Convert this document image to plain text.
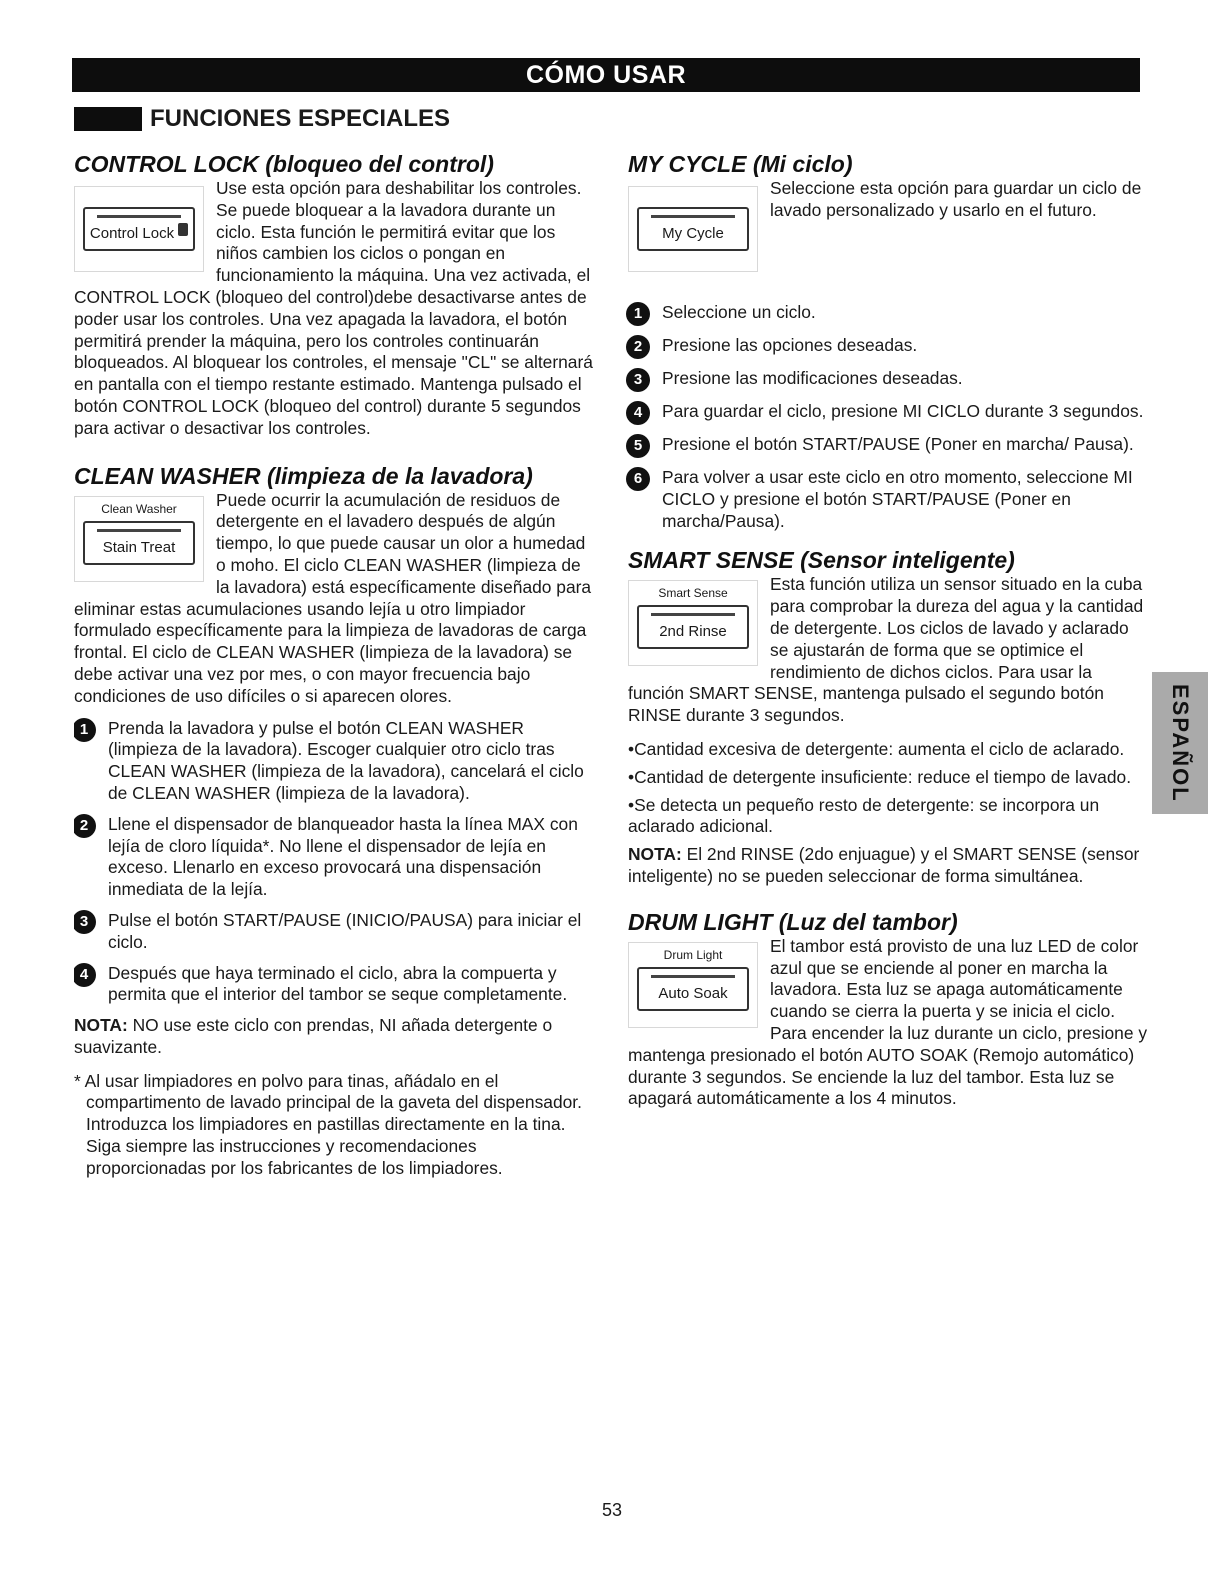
CÓMO USAR
FUNCIONES ESPECIALES
CONTROL LOCK (bloqueo del control)
Control Lock

Use esta opción para deshabilitar los controles. Se puede bloquear a la lavadora durante un ciclo. Esta función le permitirá evitar que los niños cambien los ciclos o pongan en funcionamiento la máquina. Una vez activada, el CONTROL LOCK (bloqueo del control)debe desactivarse antes de poder usar los controles. Una vez apagada la lavadora, el botón permitirá prender la máquina, pero los controles continuarán bloqueados. Al bloquear los controles, el mensaje "CL" se alternará en pantalla con el tiempo restante estimado. Mantenga pulsado el botón CONTROL LOCK (bloqueo del control) durante 5 segundos para activar o desactivar los controles.

CLEAN WASHER (limpieza de la lavadora)
Clean Washer
Stain Treat

Puede ocurrir la acumulación de residuos de detergente en el lavadero después de algún tiempo, lo que puede causar un olor a humedad o moho. El ciclo CLEAN WASHER (limpieza de la lavadora) está específicamente diseñado para eliminar estas acumulaciones usando lejía u otro limpiador formulado específicamente para la limpieza de lavadoras de carga frontal. El ciclo de CLEAN WASHER (limpieza de la lavadora) se debe activar una vez por mes, o con mayor frecuencia bajo condiciones de uso difíciles o si aparecen olores.

1	Prenda la lavadora y pulse el botón CLEAN WASHER (limpieza de la lavadora). Escoger cualquier otro ciclo tras CLEAN WASHER (limpieza de la lavadora), cancelará el ciclo de CLEAN WASHER (limpieza de la lavadora).
2	Llene el dispensador de blanqueador hasta la línea MAX con lejía de cloro líquida*. No llene el dispensador de lejía en exceso. Llenarlo en exceso provocará una dispensación inmediata de la lejía.
3	Pulse el botón START/PAUSE (INICIO/PAUSA) para iniciar el ciclo.
4	Después que haya terminado el ciclo, abra la compuerta y permita que el interior del tambor se seque completamente.

NOTA: NO use este ciclo con prendas, NI añada detergente o suavizante.

* Al usar limpiadores en polvo para tinas, añádalo en el compartimento de lavado principal de la gaveta del dispensador. Introduzca los limpiadores en pastillas directamente en la tina. Siga siempre las instrucciones y recomendaciones proporcionadas por los fabricantes de los limpiadores.

MY CYCLE (Mi ciclo)
My Cycle

Seleccione esta opción para guardar un ciclo de lavado personalizado y usarlo en el futuro.

1	Seleccione un ciclo.
2	Presione las opciones deseadas.
3	Presione las modificaciones deseadas.
4	Para guardar el ciclo, presione MI CICLO durante 3 segundos.
5	Presione el botón START/PAUSE (Poner en marcha/ Pausa).
6	Para volver a usar este ciclo en otro momento, seleccione MI CICLO y presione el botón START/PAUSE (Poner en marcha/Pausa).
SMART SENSE (Sensor inteligente)
Smart Sense
2nd Rinse

Esta función utiliza un sensor situado en la cuba para comprobar la dureza del agua y la cantidad de detergente. Los ciclos de lavado y aclarado se ajustarán de forma que se optimice el rendimiento de dichos ciclos. Para usar la función SMART SENSE, mantenga pulsado el segundo botón RINSE durante 3 segundos.

•Cantidad excesiva de detergente: aumenta el ciclo de aclarado.

•Cantidad de detergente insuficiente: reduce el tiempo de lavado.

•Se detecta un pequeño resto de detergente: se incorpora un aclarado adicional.

NOTA: El 2nd RINSE (2do enjuague) y el SMART SENSE (sensor inteligente) no se pueden seleccionar de forma simultánea.

DRUM LIGHT (Luz del tambor)
Drum Light
Auto Soak

El tambor está provisto de una luz LED de color azul que se enciende al poner en marcha la lavadora. Esta luz se apaga automáticamente cuando se cierra la puerta y se inicia el ciclo. Para encender la luz durante un ciclo, presione y mantenga presionado el botón AUTO SOAK (Remojo automático) durante 3 segundos. Se enciende la luz del tambor. Esta luz se apagará automáticamente a los 4 minutos.

ESPAÑOL
53
